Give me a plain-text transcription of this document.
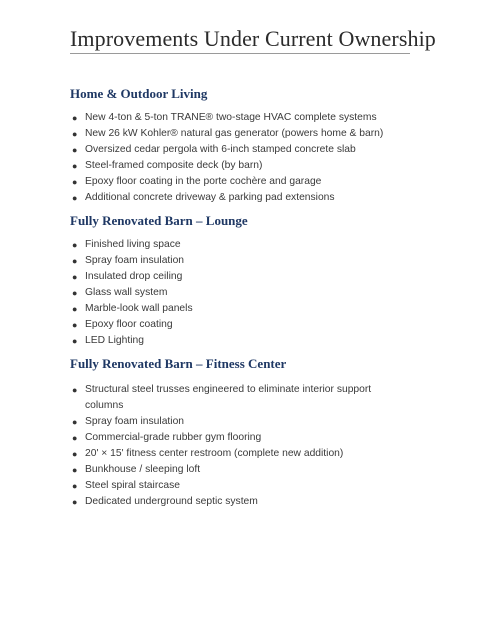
Improvements Under Current Ownership
Home & Outdoor Living
● New 4-ton & 5-ton TRANE® two-stage HVAC complete systems
● New 26 kW Kohler® natural gas generator (powers home & barn)
● Oversized cedar pergola with 6-inch stamped concrete slab
● Steel-framed composite deck (by barn)
● Epoxy floor coating in the porte cochère and garage
● Additional concrete driveway & parking pad extensions
Fully Renovated Barn – Lounge
● Finished living space
● Spray foam insulation
● Insulated drop ceiling
● Glass wall system
● Marble-look wall panels
● Epoxy floor coating
● LED Lighting
Fully Renovated Barn – Fitness Center
● Structural steel trusses engineered to eliminate interior support columns
● Spray foam insulation
● Commercial-grade rubber gym flooring
● 20' × 15' fitness center restroom (complete new addition)
● Bunkhouse / sleeping loft
● Steel spiral staircase
● Dedicated underground septic system
